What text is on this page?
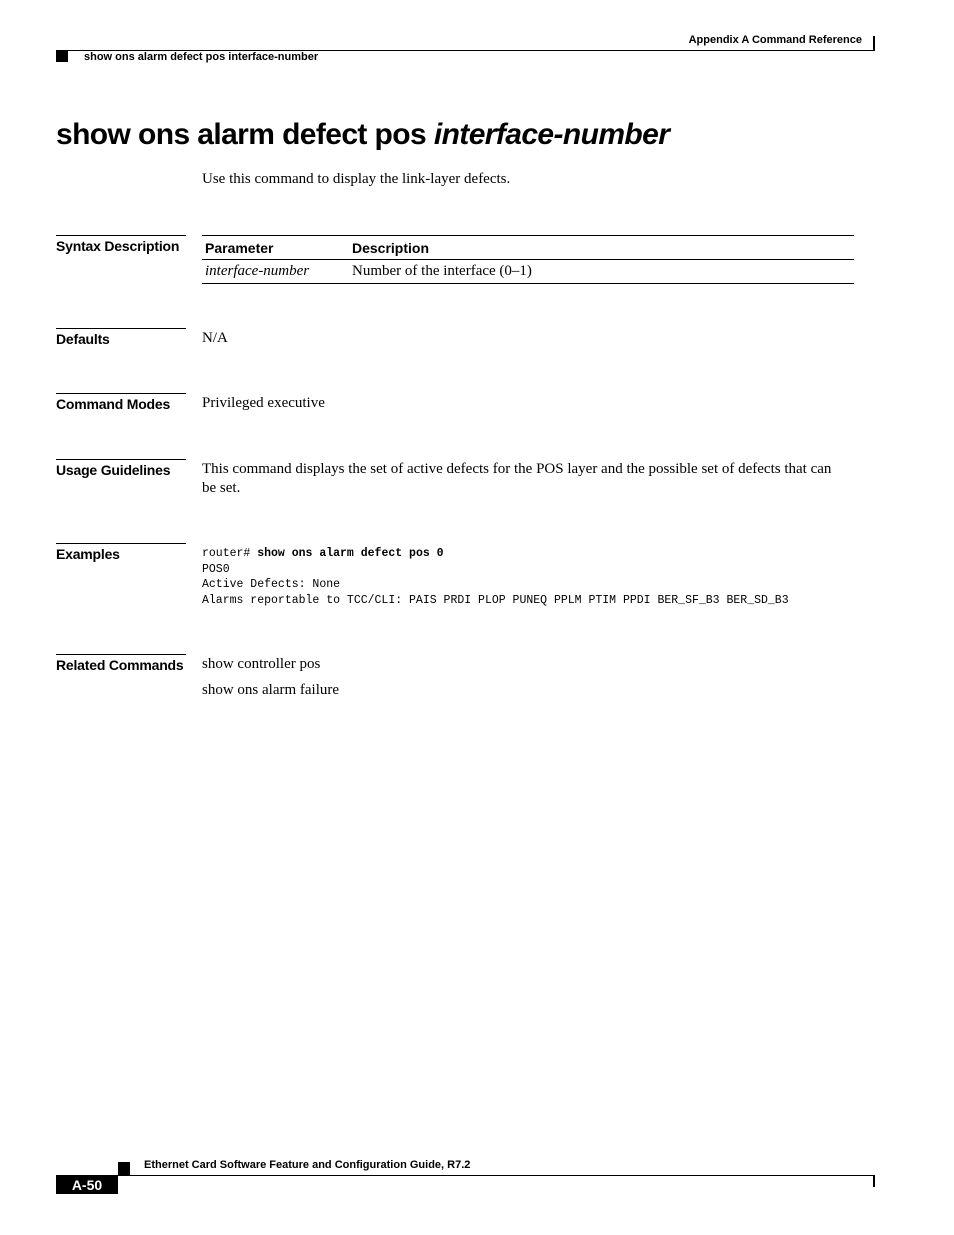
Appendix A Command Reference
show ons alarm defect pos interface-number
show ons alarm defect pos interface-number
Use this command to display the link-layer defects.
Syntax Description	Parameter	Description
interface-number	Number of the interface (0–1)
Defaults	N/A
Command Modes	Privileged executive
Usage Guidelines	This command displays the set of active defects for the POS layer and the possible set of defects that can
be set.
Examples	router# show ons alarm defect pos 0
POS0
Active Defects: None
Alarms reportable to TCC/CLI: PAIS PRDI PLOP PUNEQ PPLM PTIM PPDI BER_SF_B3 BER_SD_B3
Related Commands show controller pos
show ons alarm failure
Ethernet Card Software Feature and Configuration Guide, R7.2
A-50
